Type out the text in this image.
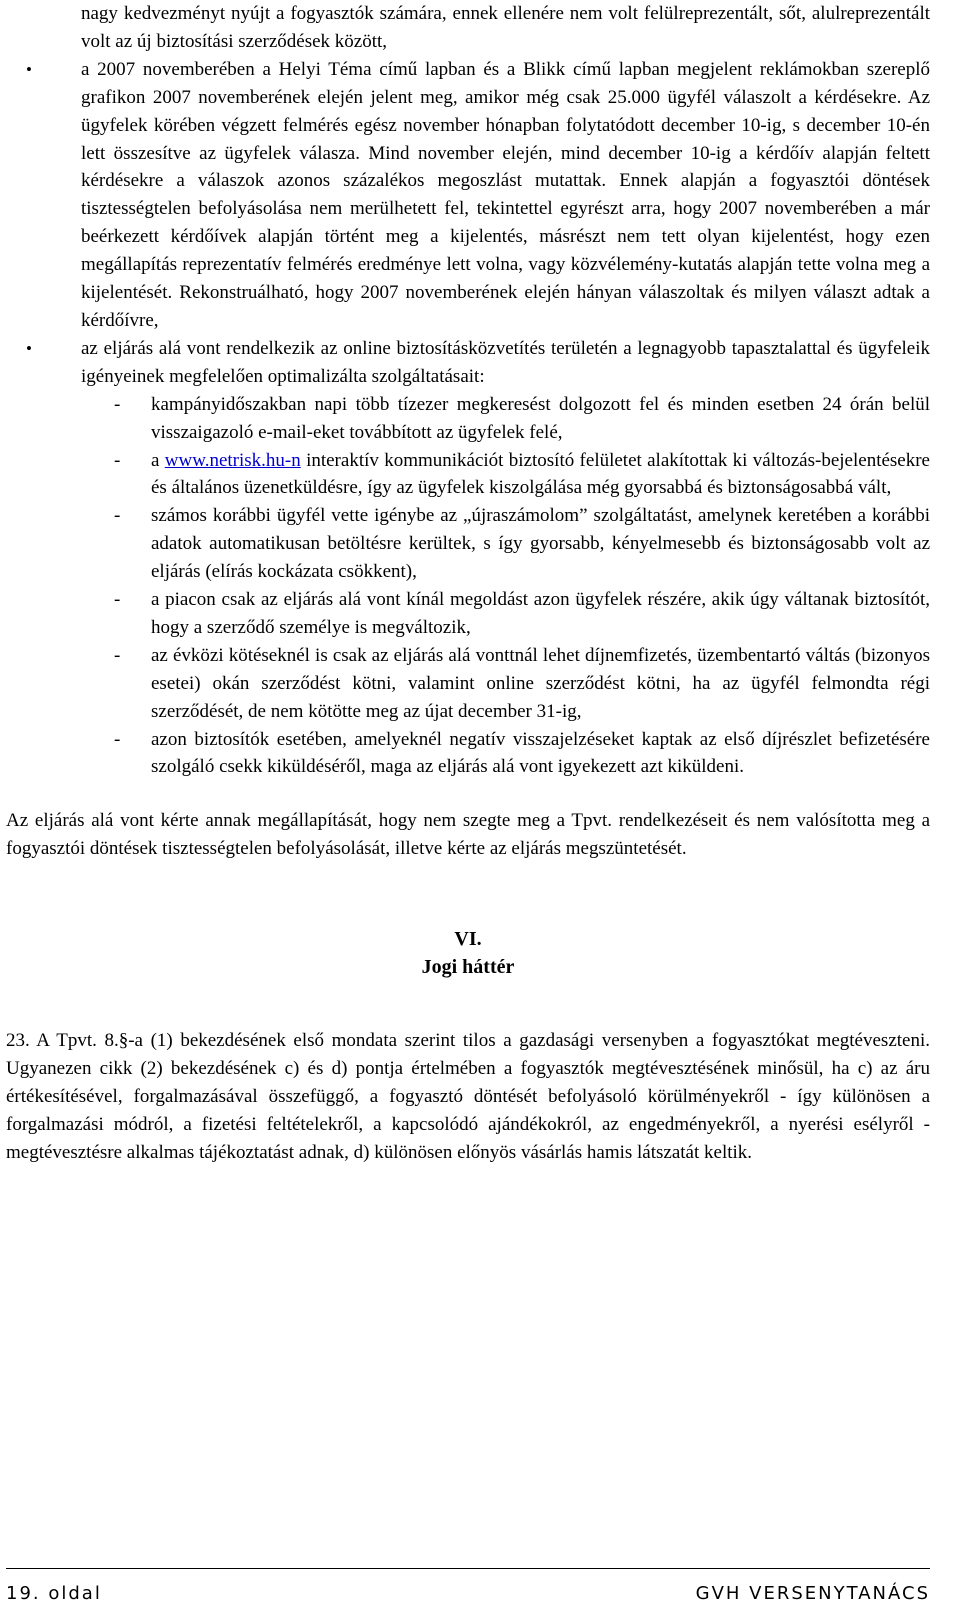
nagy kedvezményt nyújt a fogyasztók számára, ennek ellenére nem volt felülreprezentált, sőt, alulreprezentált volt az új biztosítási szerződések között,

•	a 2007 novemberében a Helyi Téma című lapban és a Blikk című lapban megjelent reklámokban szereplő grafikon 2007 novemberének elején jelent meg, amikor még csak 25.000 ügyfél válaszolt a kérdésekre. Az ügyfelek körében végzett felmérés egész november hónapban folytatódott december 10-ig, s december 10-én lett összesítve az ügyfelek válasza. Mind november elején, mind december 10-ig a kérdőív alapján feltett kérdésekre a válaszok azonos százalékos megoszlást mutattak. Ennek alapján a fogyasztói döntések tisztességtelen befolyásolása nem merülhetett fel, tekintettel egyrészt arra, hogy 2007 novemberében a már beérkezett kérdőívek alapján történt meg a kijelentés, másrészt nem tett olyan kijelentést, hogy ezen megállapítás reprezentatív felmérés eredménye lett volna, vagy közvélemény-kutatás alapján tette volna meg a kijelentését. Rekonstruálható, hogy 2007 novemberének elején hányan válaszoltak és milyen választ adtak a kérdőívre,

•	az eljárás alá vont rendelkezik az online biztosításközvetítés területén a legnagyobb tapasztalattal és ügyfeleik igényeinek megfelelően optimalizálta szolgáltatásait:

- kampányidőszakban napi több tízezer megkeresést dolgozott fel és minden esetben 24 órán belül visszaigazoló e-mail-eket továbbított az ügyfelek felé,

- a www.netrisk.hu-n interaktív kommunikációt biztosító felületet alakítottak ki változás-bejelentésekre és általános üzenetküldésre, így az ügyfelek kiszolgálása még gyorsabbá és biztonságosabbá vált,

- számos korábbi ügyfél vette igénybe az „újraszámolom” szolgáltatást, amelynek keretében a korábbi adatok automatikusan betöltésre kerültek, s így gyorsabb, kényelmesebb és biztonságosabb volt az eljárás (elírás kockázata csökkent),

- a piacon csak az eljárás alá vont kínál megoldást azon ügyfelek részére, akik úgy váltanak biztosítót, hogy a szerződő személye is megváltozik,

- az évközi kötéseknél is csak az eljárás alá vonttnál lehet díjnemfizetés, üzembentartó váltás (bizonyos esetei) okán szerződést kötni, valamint online szerződést kötni, ha az ügyfél felmondta régi szerződését, de nem kötötte meg az újat december 31-ig,

- azon biztosítók esetében, amelyeknél negatív visszajelzéseket kaptak az első díjrészlet befizetésére szolgáló csekk kiküldéséről, maga az eljárás alá vont igyekezett azt kiküldeni.

Az eljárás alá vont kérte annak megállapítását, hogy nem szegte meg a Tpvt. rendelkezéseit és nem valósította meg a fogyasztói döntések tisztességtelen befolyásolását, illetve kérte az eljárás megszüntetését.

VI.
Jogi háttér

23. A Tpvt. 8.§-a (1) bekezdésének első mondata szerint tilos a gazdasági versenyben a fogyasztókat megtéveszteni. Ugyanezen cikk (2) bekezdésének c) és d) pontja értelmében a fogyasztók megtévesztésének minősül, ha c) az áru értékesítésével, forgalmazásával összefüggő, a fogyasztó döntését befolyásoló körülményekről - így különösen a forgalmazási módról, a fizetési feltételekről, a kapcsolódó ajándékokról, az engedményekről, a nyerési esélyről - megtévesztésre alkalmas tájékoztatást adnak, d) különösen előnyös vásárlás hamis látszatát keltik.

19. oldal	GVH VERSENYTANÁCS
